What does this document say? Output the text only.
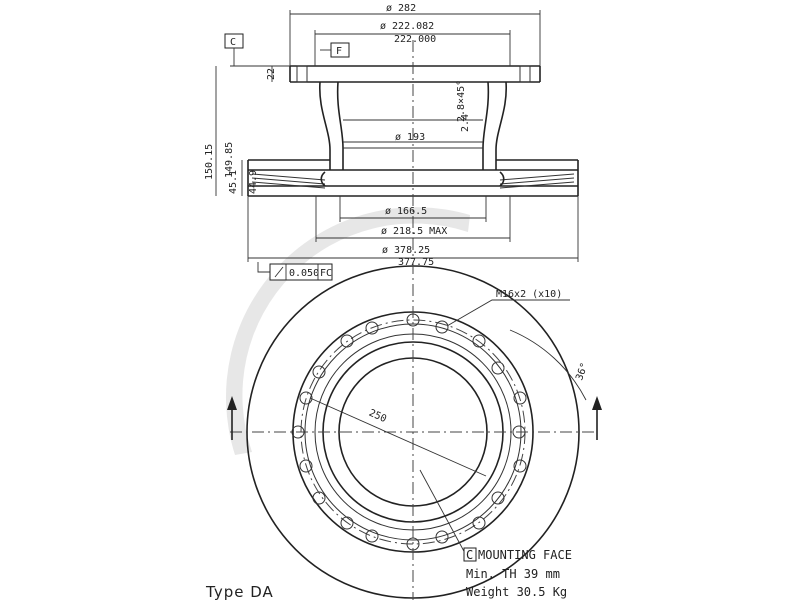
ø 282
ø 222.082
222.000
F
C
22
150.15 149.85
45.1 44.9
2.8×45°
2.4
ø 193
ø 166.5
ø 218.5 MAX
ø 378.25
377.75
0.050 FC
250
M16x2 (x10)
36°
C MOUNTING FACE
Min. TH 39 mm
Weight 30.5 Kg
Type DA
